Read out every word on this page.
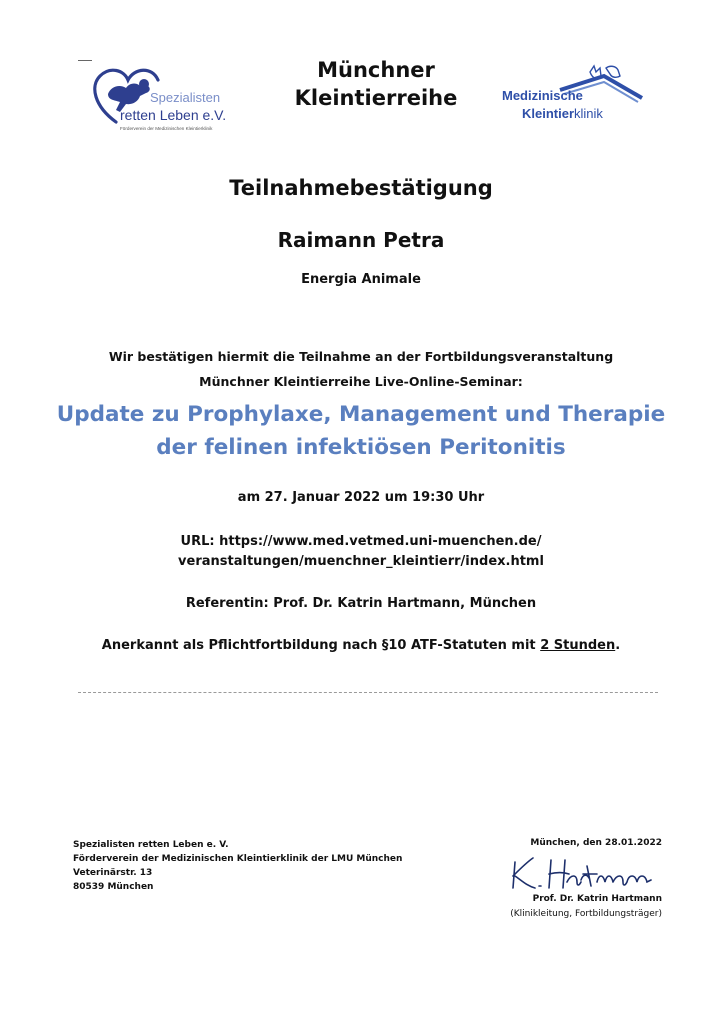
Spezialisten
retten Leben e.V.
Förderverein der Medizinischen Kleintierklinik
Münchner
Kleintierreihe	Medizinische
Kleintierklinik
Teilnahmebestätigung
Raimann Petra
Energia Animale
Wir bestätigen hiermit die Teilnahme an der Fortbildungsveranstaltung
Münchner Kleintierreihe Live-Online-Seminar:
Update zu Prophylaxe, Management und Therapie
der felinen infektiösen Peritonitis
am 27. Januar 2022 um 19:30 Uhr
URL: https://www.med.vetmed.uni-muenchen.de/
veranstaltungen/muenchner_kleintierr/index.html
Referentin: Prof. Dr. Katrin Hartmann, München
Anerkannt als Pflichtfortbildung nach §10 ATF-Statuten mit 2 Stunden.
Spezialisten retten Leben e. V.
Förderverein der Medizinischen Kleintierklinik der LMU München
Veterinärstr. 13
80539 München
München, den 28.01.2022
Prof. Dr. Katrin Hartmann
(Klinikleitung, Fortbildungsträger)
